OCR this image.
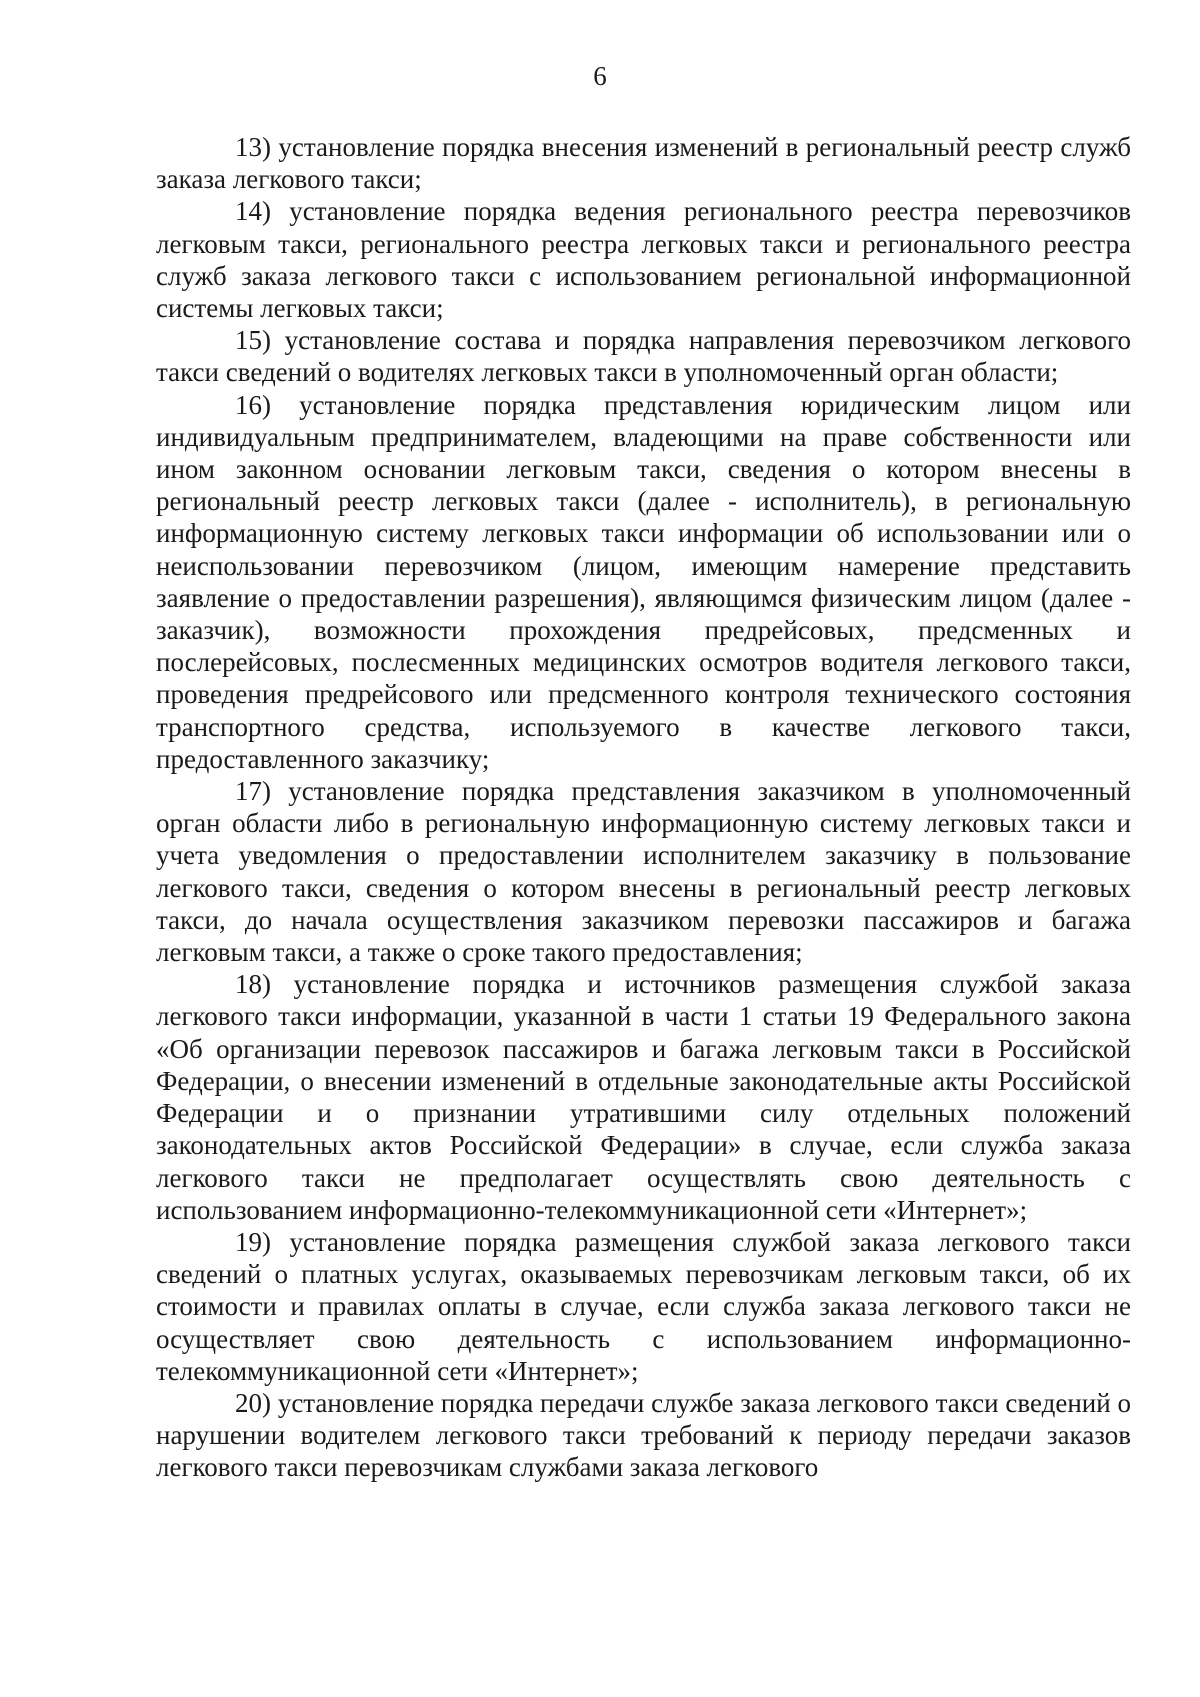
6

13) установление порядка внесения изменений в региональный реестр служб заказа легкового такси;

14) установление порядка ведения регионального реестра перевозчиков легковым такси, регионального реестра легковых такси и регионального реестра служб заказа легкового такси с использованием региональной информационной системы легковых такси;

15) установление состава и порядка направления перевозчиком легкового такси сведений о водителях легковых такси в уполномоченный орган области;

16) установление порядка представления юридическим лицом или индивидуальным предпринимателем, владеющими на праве собственности или ином законном основании легковым такси, сведения о котором внесены в региональный реестр легковых такси (далее - исполнитель), в региональную информационную систему легковых такси информации об использовании или о неиспользовании перевозчиком (лицом, имеющим намерение представить заявление о предоставлении разрешения), являющимся физическим лицом (далее - заказчик), возможности прохождения предрейсовых, предсменных и послерейсовых, послесменных медицинских осмотров водителя легкового такси, проведения предрейсового или предсменного контроля технического состояния транспортного средства, используемого в качестве легкового такси, предоставленного заказчику;

17) установление порядка представления заказчиком в уполномоченный орган области либо в региональную информационную систему легковых такси и учета уведомления о предоставлении исполнителем заказчику в пользование легкового такси, сведения о котором внесены в региональный реестр легковых такси, до начала осуществления заказчиком перевозки пассажиров и багажа легковым такси, а также о сроке такого предоставления;

18) установление порядка и источников размещения службой заказа легкового такси информации, указанной в части 1 статьи 19 Федерального закона «Об организации перевозок пассажиров и багажа легковым такси в Российской Федерации, о внесении изменений в отдельные законодательные акты Российской Федерации и о признании утратившими силу отдельных положений законодательных актов Российской Федерации» в случае, если служба заказа легкового такси не предполагает осуществлять свою деятельность с использованием информационно-телекоммуникационной сети «Интернет»;

19) установление порядка размещения службой заказа легкового такси сведений о платных услугах, оказываемых перевозчикам легковым такси, об их стоимости и правилах оплаты в случае, если служба заказа легкового такси не осуществляет свою деятельность с использованием информационно-телекоммуникационной сети «Интернет»;

20) установление порядка передачи службе заказа легкового такси сведений о нарушении водителем легкового такси требований к периоду передачи заказов легкового такси перевозчикам службами заказа легкового
